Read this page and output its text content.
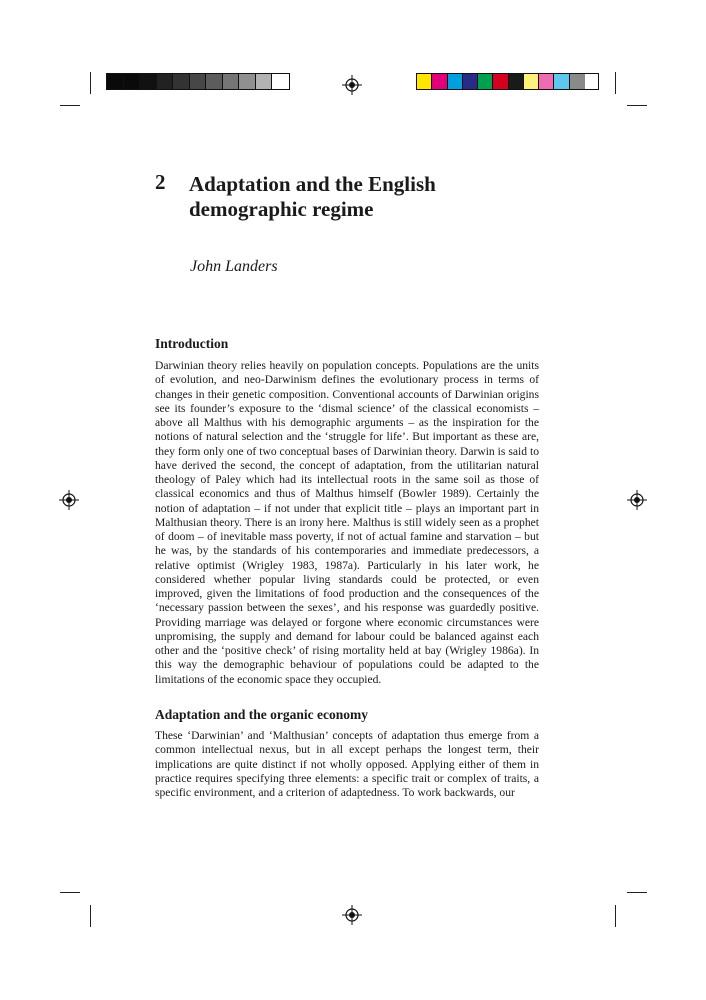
2 Adaptation and the English demographic regime
John Landers
Introduction

Darwinian theory relies heavily on population concepts. Populations are the units of evolution, and neo-Darwinism defines the evolutionary process in terms of changes in their genetic composition. Conventional accounts of Darwinian origins see its founder’s exposure to the ‘dismal science’ of the classical economists – above all Malthus with his demographic arguments – as the inspiration for the notions of natural selection and the ‘struggle for life’. But important as these are, they form only one of two conceptual bases of Darwinian theory. Darwin is said to have derived the second, the concept of adaptation, from the utilitarian natural theology of Paley which had its intellectual roots in the same soil as those of classical economics and thus of Malthus himself (Bowler 1989). Certainly the notion of adaptation – if not under that explicit title – plays an important part in Malthusian theory. There is an irony here. Malthus is still widely seen as a prophet of doom – of inevitable mass poverty, if not of actual famine and starvation – but he was, by the standards of his contemporaries and immediate predecessors, a relative optimist (Wrigley 1983, 1987a). Particularly in his later work, he considered whether popular living standards could be protected, or even improved, given the limitations of food production and the consequences of the ‘necessary passion between the sexes’, and his response was guardedly positive. Providing marriage was delayed or forgone where economic circumstances were unpromising, the supply and demand for labour could be balanced against each other and the ‘positive check’ of rising mortality held at bay (Wrigley 1986a). In this way the demographic behaviour of populations could be adapted to the limitations of the economic space they occupied.

Adaptation and the organic economy

These ‘Darwinian’ and ‘Malthusian’ concepts of adaptation thus emerge from a common intellectual nexus, but in all except perhaps the longest term, their implications are quite distinct if not wholly opposed. Applying either of them in practice requires specifying three elements: a specific trait or complex of traits, a specific environment, and a criterion of adaptedness. To work backwards, our
